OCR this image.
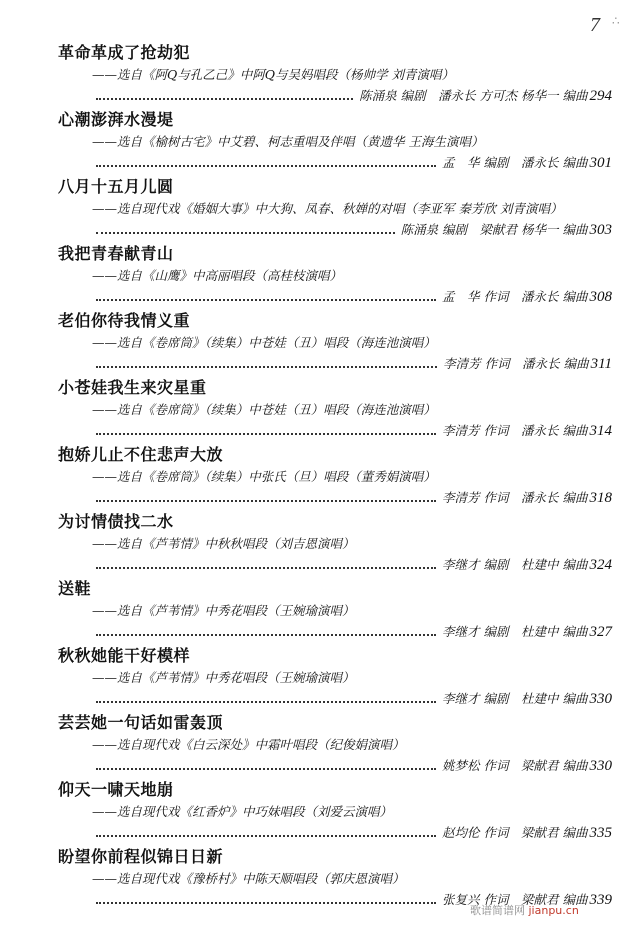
7 ∴
革命革成了抢劫犯
——选自《阿Q与孔乙己》中阿Q与吴妈唱段（杨帅学 刘青演唱）
陈涌泉 编剧　潘永长 方可杰 杨华一 编曲 294
心潮澎湃水漫堤
——选自《榆树古宅》中艾碧、柯志重唱及伴唱（黄遗华 王海生演唱）
孟　华 编剧　潘永长 编曲 301
八月十五月儿圆
——选自现代戏《婚姻大事》中大狗、凤春、秋婵的对唱（李亚军 秦芳欣 刘青演唱）
陈涌泉 编剧　梁献君 杨华一 编曲 303
我把青春献青山
——选自《山鹰》中高丽唱段（高桂枝演唱）
孟　华 作词　潘永长 编曲 308
老伯你待我情义重
——选自《卷席筒》（续集）中苍娃（丑）唱段（海连池演唱）
李清芳 作词　潘永长 编曲 311
小苍娃我生来灾星重
——选自《卷席筒》（续集）中苍娃（丑）唱段（海连池演唱）
李清芳 作词　潘永长 编曲 314
抱娇儿止不住悲声大放
——选自《卷席筒》（续集）中张氏（旦）唱段（董秀娟演唱）
李清芳 作词　潘永长 编曲 318
为讨情债找二水
——选自《芦苇情》中秋秋唱段（刘吉恩演唱）
李继才 编剧　杜建中 编曲 324
送鞋
——选自《芦苇情》中秀花唱段（王婉瑜演唱）
李继才 编剧　杜建中 编曲 327
秋秋她能干好模样
——选自《芦苇情》中秀花唱段（王婉瑜演唱）
李继才 编剧　杜建中 编曲 330
芸芸她一句话如雷轰顶
——选自现代戏《白云深处》中霜叶唱段（纪俊娟演唱）
姚梦松 作词　梁献君 编曲 330
仰天一啸天地崩
——选自现代戏《红香炉》中巧妹唱段（刘爱云演唱）
赵均伦 作词　梁献君 编曲 335
盼望你前程似锦日日新
——选自现代戏《豫桥村》中陈天顺唱段（郭庆恩演唱）
张复兴 作词　梁献君 编曲 339
歌谱简谱网 jianpu.cn
